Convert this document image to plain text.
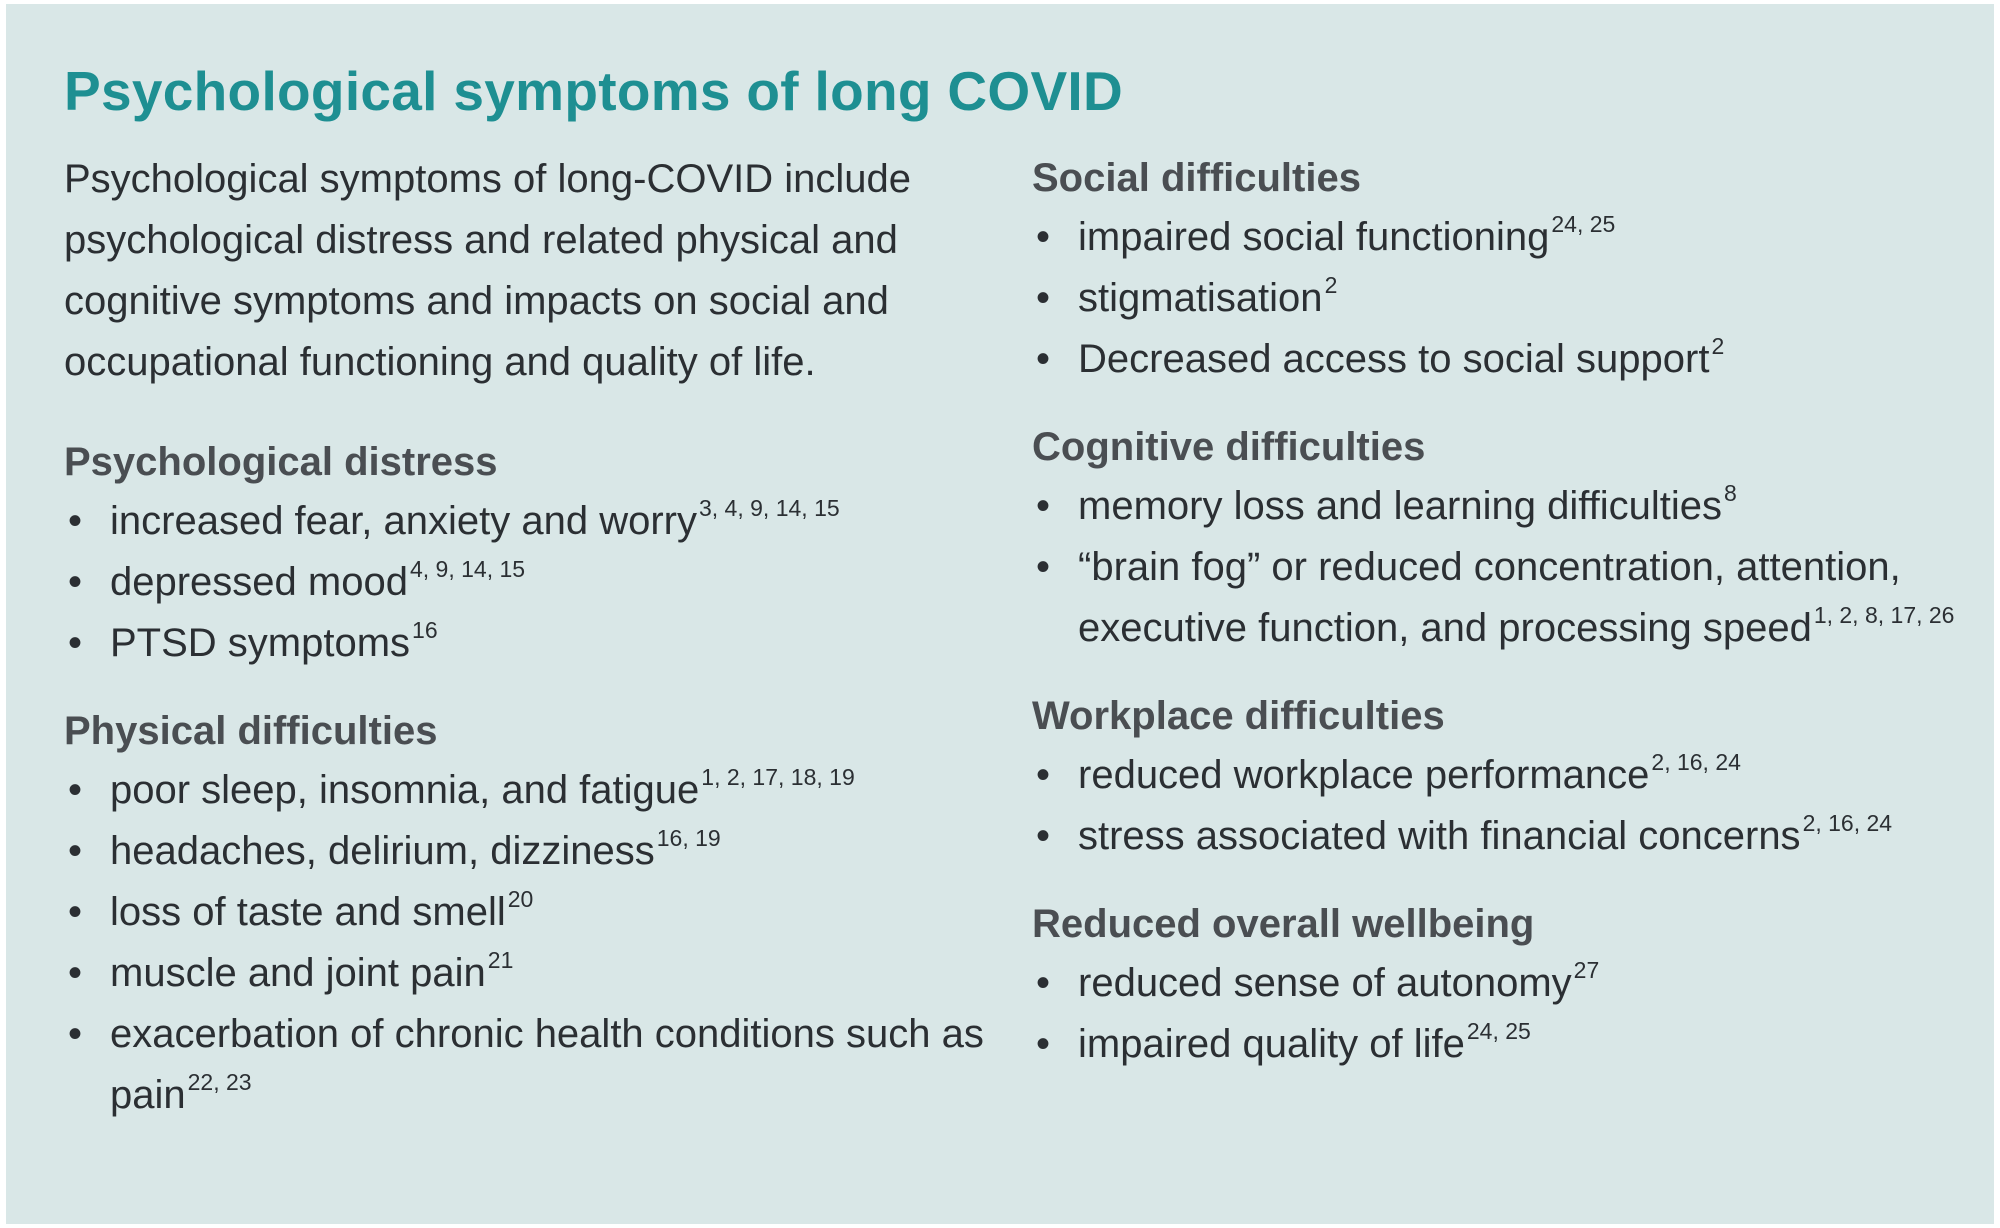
Psychological symptoms of long COVID

Psychological symptoms of long-COVID include psychological distress and related physical and cognitive symptoms and impacts on social and occupational functioning and quality of life.

Psychological distress
• increased fear, anxiety and worry$^{3, 4, 9, 14, 15}$
• depressed mood$^{4, 9, 14, 15}$
• PTSD symptoms$^{16}$
Physical difficulties
• poor sleep, insomnia, and fatigue$^{1, 2, 17, 18, 19}$
• headaches, delirium, dizziness$^{16, 19}$
• loss of taste and smell$^{20}$
• muscle and joint pain$^{21}$
• exacerbation of chronic health conditions such as pain$^{22, 23}$
Social difficulties
• impaired social functioning$^{24, 25}$
• stigmatisation$^2$
• Decreased access to social support$^2$
Cognitive difficulties
• memory loss and learning difficulties$^8$
• “brain fog” or reduced concentration, attention, executive function, and processing speed$^{1, 2, 8, 17, 26}$
Workplace difficulties
• reduced workplace performance$^{2, 16, 24}$
• stress associated with financial concerns$^{2, 16, 24}$
Reduced overall wellbeing
• reduced sense of autonomy$^{27}$
• impaired quality of life$^{24, 25}$
